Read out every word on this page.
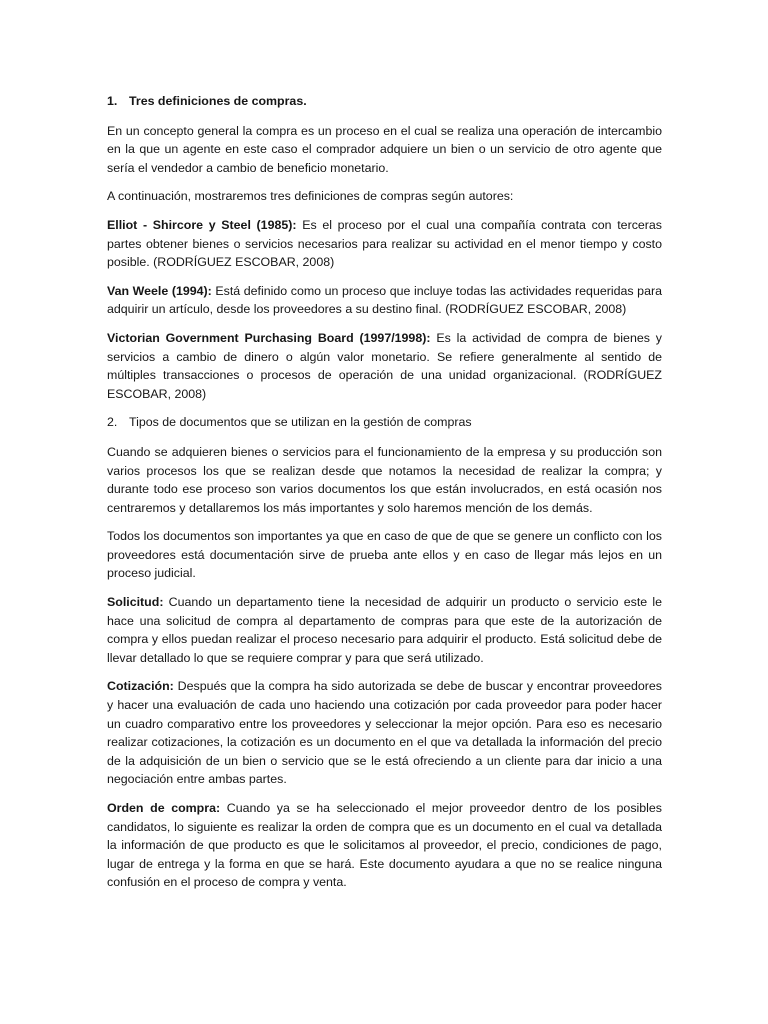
1. Tres definiciones de compras.

En un concepto general la compra es un proceso en el cual se realiza una operación de intercambio en la que un agente en este caso el comprador adquiere un bien o un servicio de otro agente que sería el vendedor a cambio de beneficio monetario.

A continuación, mostraremos tres definiciones de compras según autores:

Elliot - Shircore y Steel (1985): Es el proceso por el cual una compañía contrata con terceras partes obtener bienes o servicios necesarios para realizar su actividad en el menor tiempo y costo posible. (RODRÍGUEZ ESCOBAR, 2008)

Van Weele (1994): Está definido como un proceso que incluye todas las actividades requeridas para adquirir un artículo, desde los proveedores a su destino final. (RODRÍGUEZ ESCOBAR, 2008)

Victorian Government Purchasing Board (1997/1998): Es la actividad de compra de bienes y servicios a cambio de dinero o algún valor monetario. Se refiere generalmente al sentido de múltiples transacciones o procesos de operación de una unidad organizacional. (RODRÍGUEZ ESCOBAR, 2008)

2. Tipos de documentos que se utilizan en la gestión de compras

Cuando se adquieren bienes o servicios para el funcionamiento de la empresa y su producción son varios procesos los que se realizan desde que notamos la necesidad de realizar la compra; y durante todo ese proceso son varios documentos los que están involucrados, en está ocasión nos centraremos y detallaremos los más importantes y solo haremos mención de los demás.

Todos los documentos son importantes ya que en caso de que de que se genere un conflicto con los proveedores está documentación sirve de prueba ante ellos y en caso de llegar más lejos en un proceso judicial.

Solicitud: Cuando un departamento tiene la necesidad de adquirir un producto o servicio este le hace una solicitud de compra al departamento de compras para que este de la autorización de compra y ellos puedan realizar el proceso necesario para adquirir el producto. Está solicitud debe de llevar detallado lo que se requiere comprar y para que será utilizado.

Cotización: Después que la compra ha sido autorizada se debe de buscar y encontrar proveedores y hacer una evaluación de cada uno haciendo una cotización por cada proveedor para poder hacer un cuadro comparativo entre los proveedores y seleccionar la mejor opción. Para eso es necesario realizar cotizaciones, la cotización es un documento en el que va detallada la información del precio de la adquisición de un bien o servicio que se le está ofreciendo a un cliente para dar inicio a una negociación entre ambas partes.

Orden de compra: Cuando ya se ha seleccionado el mejor proveedor dentro de los posibles candidatos, lo siguiente es realizar la orden de compra que es un documento en el cual va detallada la información de que producto es que le solicitamos al proveedor, el precio, condiciones de pago, lugar de entrega y la forma en que se hará. Este documento ayudara a que no se realice ninguna confusión en el proceso de compra y venta.
